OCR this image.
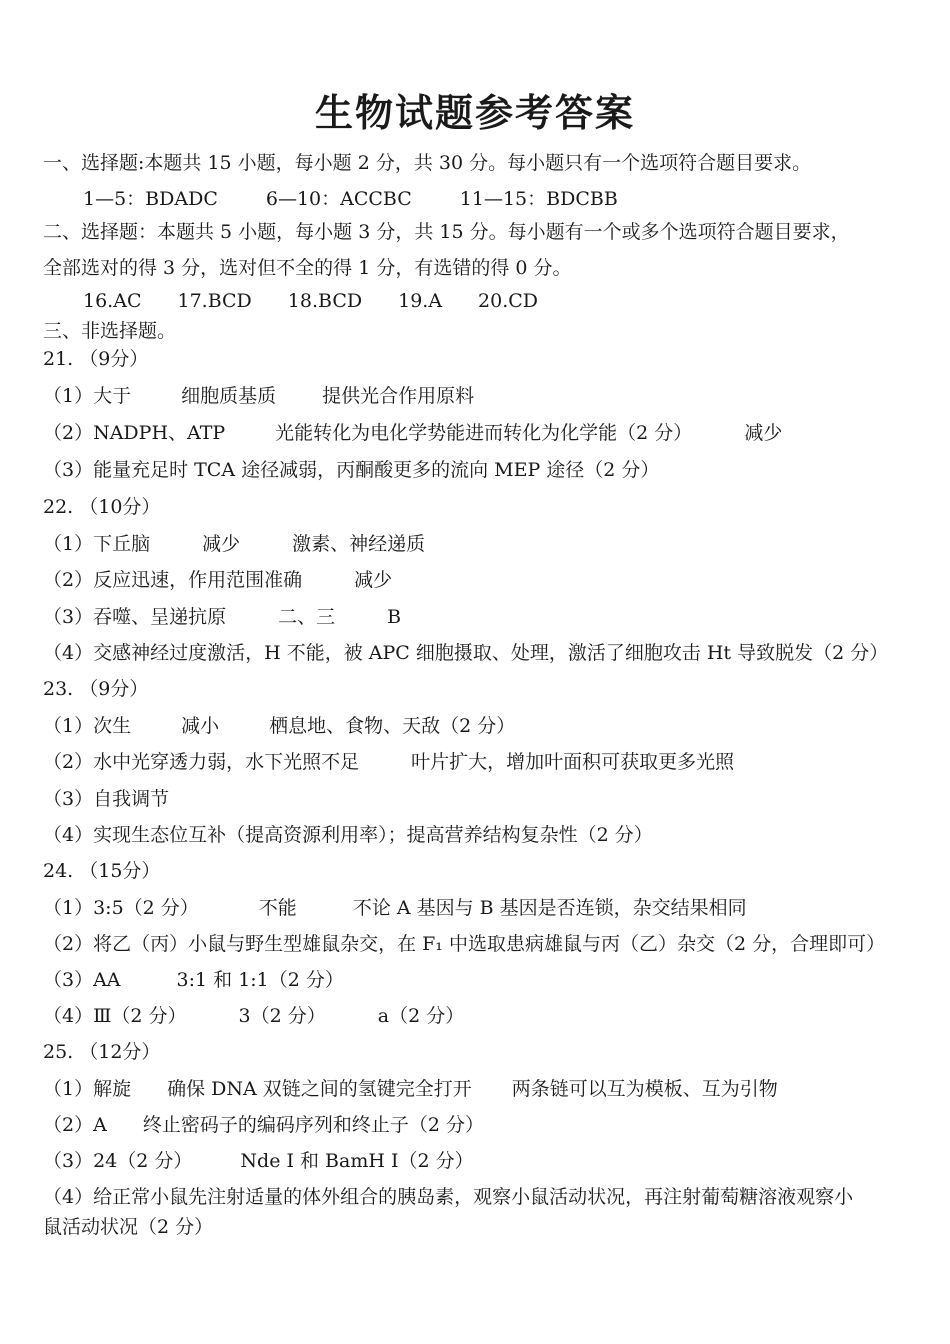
生物试题参考答案
一、选择题:本题共 15 小题，每小题 2 分，共 30 分。每小题只有一个选项符合题目要求。
1—5：BDADC	6—10：ACCBC	11—15：BDCBB
二、选择题：本题共 5 小题，每小题 3 分，共 15 分。每小题有一个或多个选项符合题目要求，
全部选对的得 3 分，选对但不全的得 1 分，有选错的得 0 分。
16.AC 17.BCD 18.BCD 19.A 20.CD
三、非选择题。
21. （9分）
（1）大于	细胞质基质 提供光合作用原料
（2）NADPH、ATP	光能转化为电化学势能进而转化为化学能（2 分）	减少
（3）能量充足时 TCA 途径减弱，丙酮酸更多的流向 MEP 途径（2 分）
22. （10分）
（1）下丘脑	减少	激素、神经递质
（2）反应迅速，作用范围准确	减少
（3）吞噬、呈递抗原	二、三	B
（4）交感神经过度激活，H 不能，被 APC 细胞摄取、处理，激活了细胞攻击 Ht 导致脱发（2 分）
23. （9分）
（1）次生	减小	栖息地、食物、天敌（2 分）
（2）水中光穿透力弱，水下光照不足	叶片扩大，增加叶面积可获取更多光照
（3）自我调节
（4）实现生态位互补（提高资源利用率）；提高营养结构复杂性（2 分）
24. （15分）
（1）3:5（2 分）	不能	不论 A 基因与 B 基因是否连锁，杂交结果相同
（2）将乙（丙）小鼠与野生型雄鼠杂交，在 F₁ 中选取患病雄鼠与丙（乙）杂交（2 分，合理即可）
（3）AA	3:1 和 1:1（2 分）
（4）Ⅲ（2 分）	3（2 分）	a（2 分）
25. （12分）
（1）解旋 确保 DNA 双链之间的氢键完全打开 两条链可以互为模板、互为引物
（2）A 终止密码子的编码序列和终止子（2 分）
（3）24（2 分）	Nde Ⅰ 和 BamH Ⅰ（2 分）
（4）给正常小鼠先注射适量的体外组合的胰岛素，观察小鼠活动状况，再注射葡萄糖溶液观察小
鼠活动状况（2 分）
